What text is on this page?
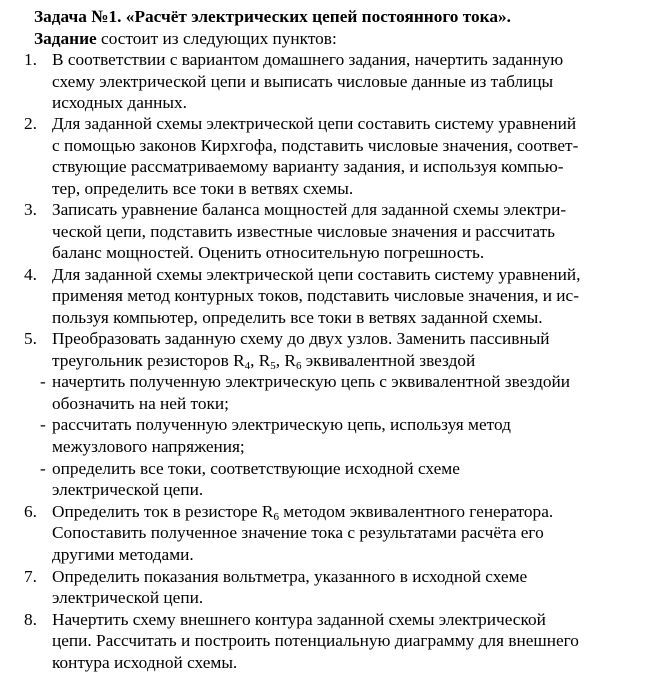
Задача №1. «Расчёт электрических цепей постоянного тока».
Задание состоит из следующих пунктов:
1. В соответствии с вариантом домашнего задания, начертить заданную
схему электрической цепи и выписать числовые данные из таблицы
исходных данных.
2. Для заданной схемы электрической цепи составить систему уравнений
с помощью законов Кирхгофа, подставить числовые значения, соответ-
ствующие рассматриваемому варианту задания, и используя компью-
тер, определить все токи в ветвях схемы.
3. Записать уравнение баланса мощностей для заданной схемы электри-
ческой цепи, подставить известные числовые значения и рассчитать
баланс мощностей. Оценить относительную погрешность.
4. Для заданной схемы электрической цепи составить систему уравнений,
применяя метод контурных токов, подставить числовые значения, и ис-
пользуя компьютер, определить все токи в ветвях заданной схемы.
5. Преобразовать заданную схему до двух узлов. Заменить пассивный
треугольник резисторов $R_4$, $R_5$, $R_6$ эквивалентной звездой
- начертить полученную электрическую цепь с эквивалентной звездойи
обозначить на ней токи;
- рассчитать полученную электрическую цепь, используя метод
межузлового напряжения;
- определить все токи, соответствующие исходной схеме
электрической цепи.
6. Определить ток в резисторе $R_6$ методом эквивалентного генератора.
Сопоставить полученное значение тока с результатами расчёта его
другими методами.
7. Определить показания вольтметра, указанного в исходной схеме
электрической цепи.
8. Начертить схему внешнего контура заданной схемы электрической
цепи. Рассчитать и построить потенциальную диаграмму для внешнего
контура исходной схемы.
